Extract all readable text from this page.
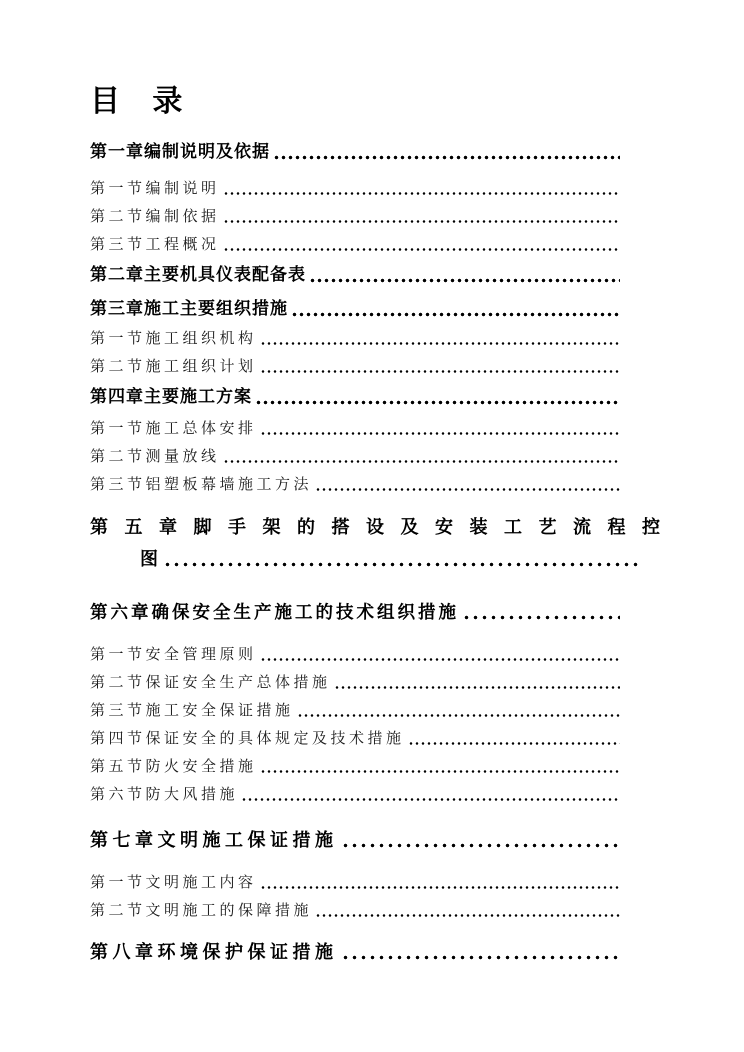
目 录
第一章编制说明及依据
第一节编制说明
第二节编制依据
第三节工程概况
第二章主要机具仪表配备表
第三章施工主要组织措施
第一节施工组织机构
第二节施工组织计划
第四章主要施工方案
第一节施工总体安排
第二节测量放线
第三节铝塑板幕墙施工方法
第五章脚手架的搭设及安装工艺流程控
图
第六章确保安全生产施工的技术组织措施
第一节安全管理原则
第二节保证安全生产总体措施
第三节施工安全保证措施
第四节保证安全的具体规定及技术措施
第五节防火安全措施
第六节防大风措施
第七章文明施工保证措施
第一节文明施工内容
第二节文明施工的保障措施
第八章环境保护保证措施
